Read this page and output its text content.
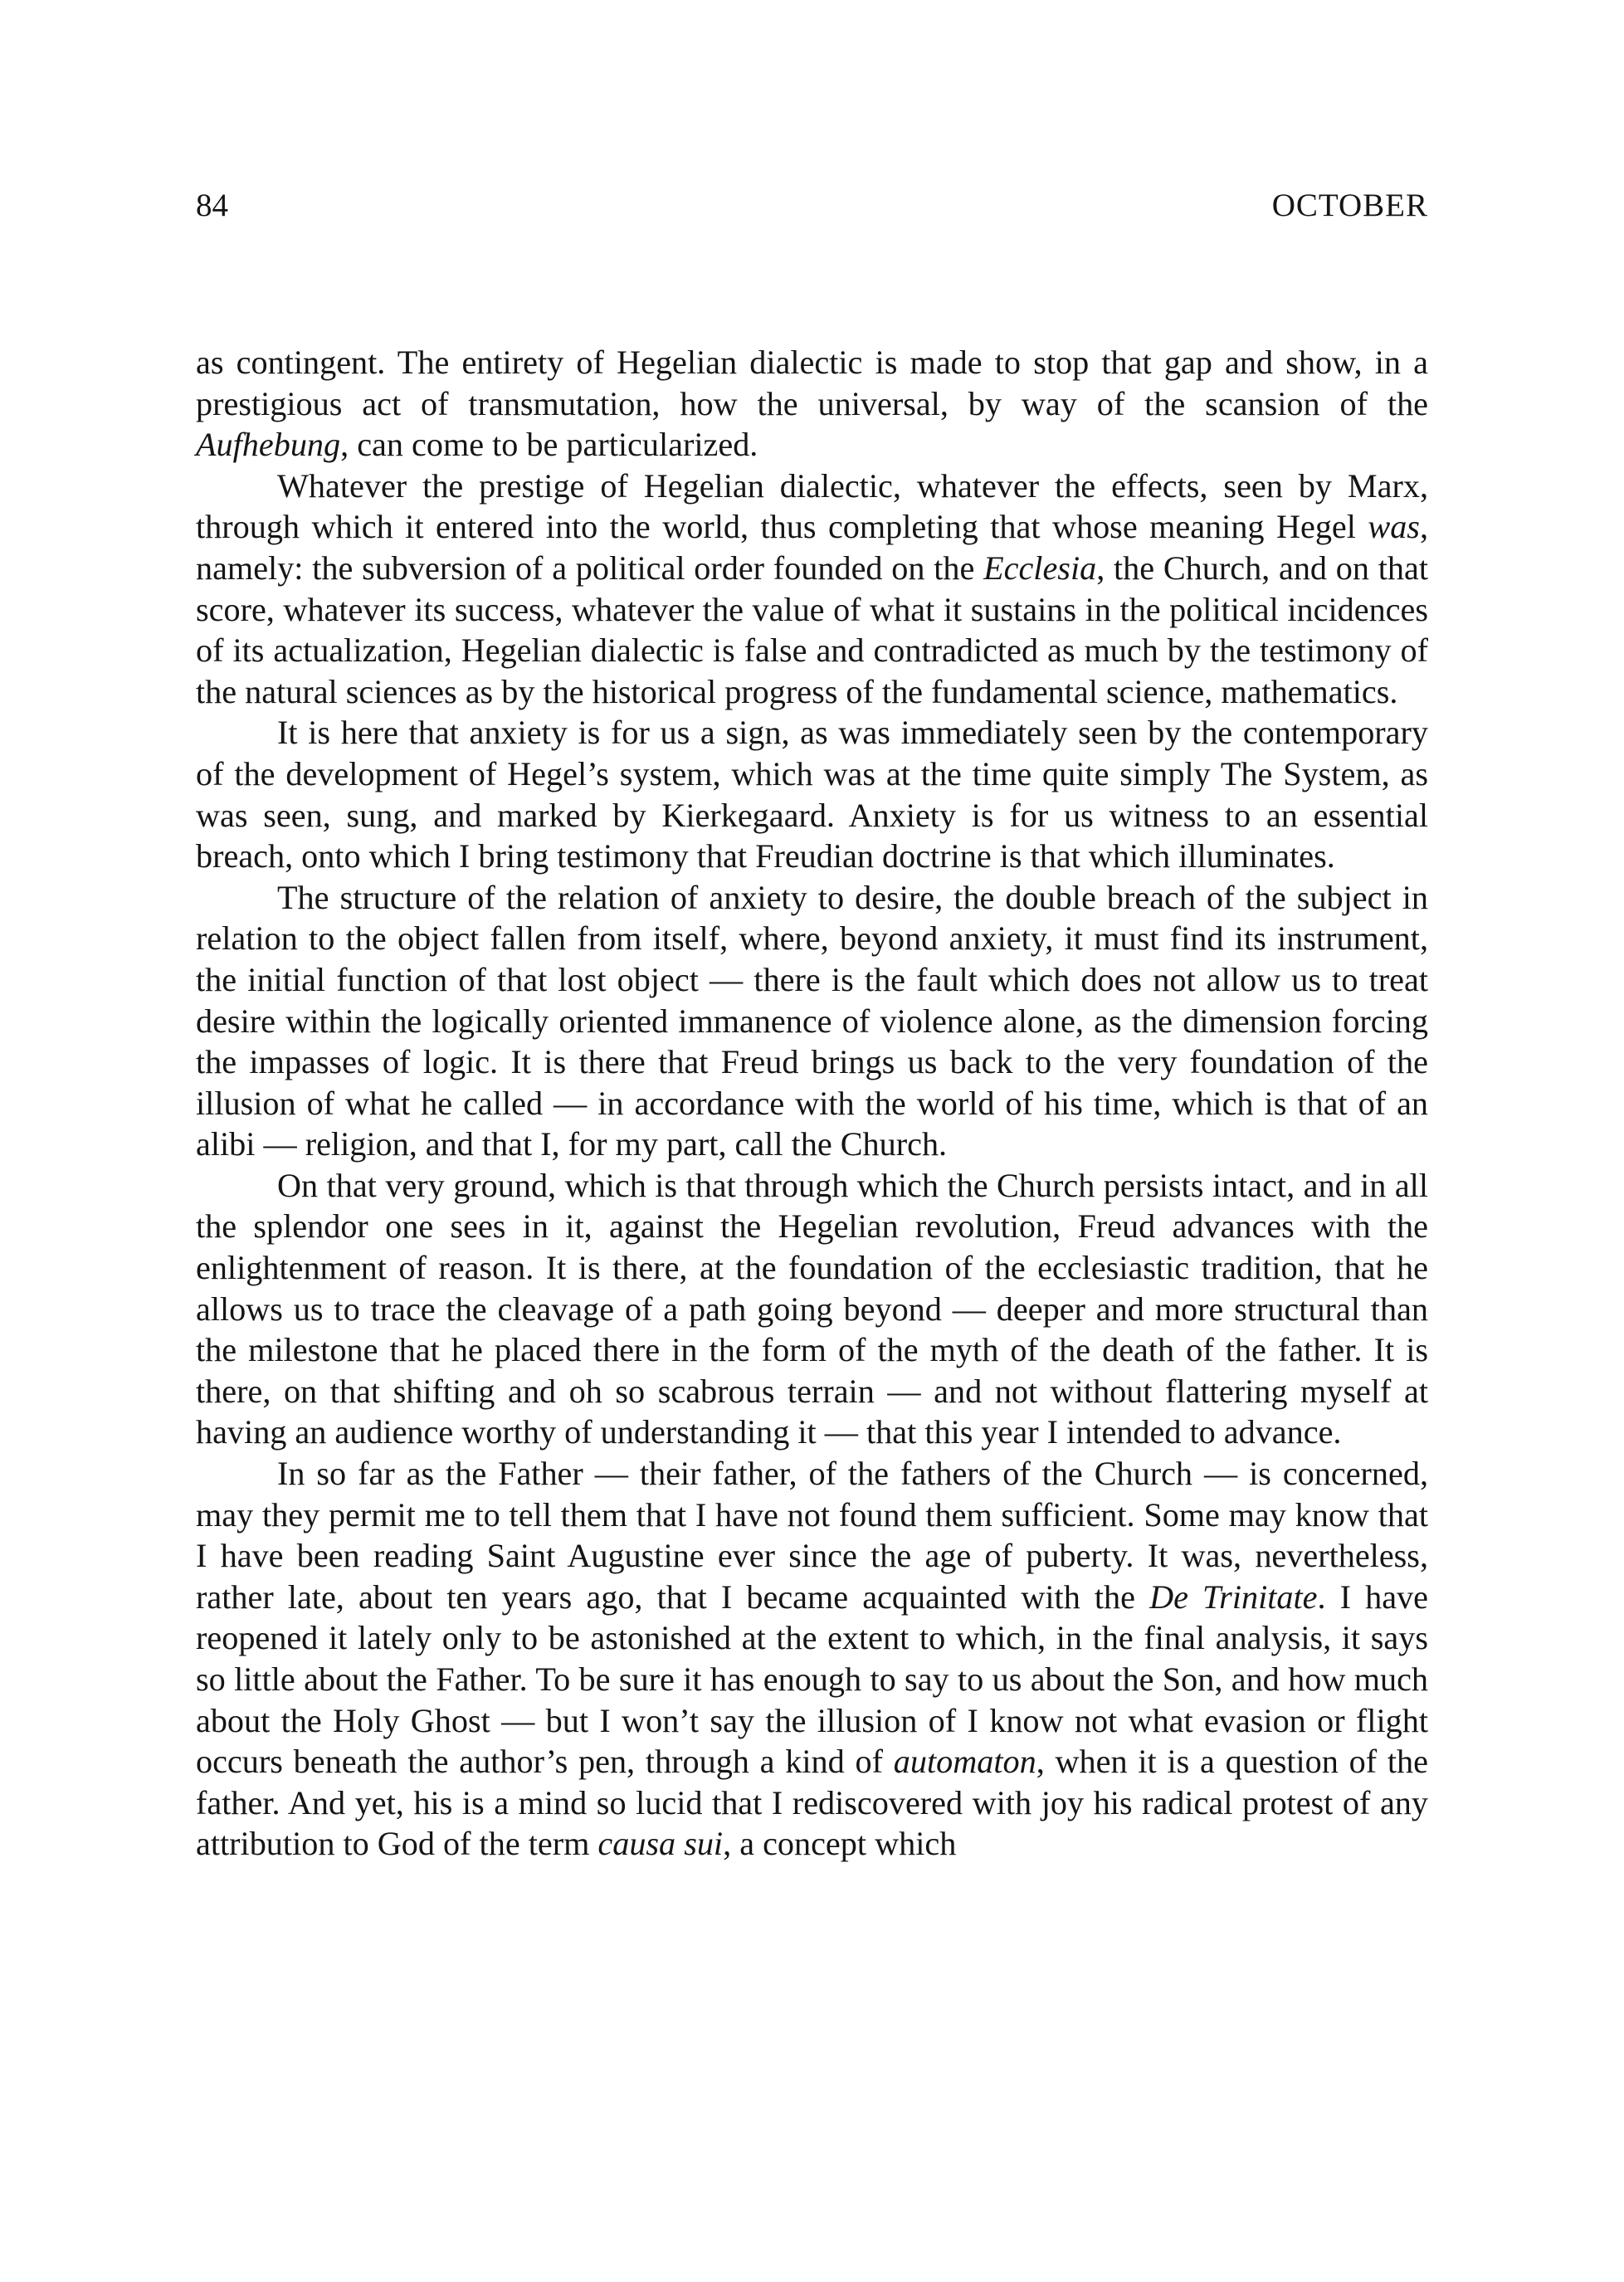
84	OCTOBER

as contingent. The entirety of Hegelian dialectic is made to stop that gap and show, in a prestigious act of transmutation, how the universal, by way of the scansion of the Aufhebung, can come to be particularized.

Whatever the prestige of Hegelian dialectic, whatever the effects, seen by Marx, through which it entered into the world, thus completing that whose meaning Hegel was, namely: the subversion of a political order founded on the Ecclesia, the Church, and on that score, whatever its success, whatever the value of what it sustains in the political incidences of its actualization, Hegelian dialectic is false and contradicted as much by the testimony of the natural sciences as by the historical progress of the fundamental science, mathematics.

It is here that anxiety is for us a sign, as was immediately seen by the contemporary of the development of Hegel’s system, which was at the time quite simply The System, as was seen, sung, and marked by Kierkegaard. Anxiety is for us witness to an essential breach, onto which I bring testimony that Freudian doctrine is that which illuminates.

The structure of the relation of anxiety to desire, the double breach of the subject in relation to the object fallen from itself, where, beyond anxiety, it must find its instrument, the initial function of that lost object — there is the fault which does not allow us to treat desire within the logically oriented immanence of violence alone, as the dimension forcing the impasses of logic. It is there that Freud brings us back to the very foundation of the illusion of what he called — in accordance with the world of his time, which is that of an alibi — religion, and that I, for my part, call the Church.

On that very ground, which is that through which the Church persists intact, and in all the splendor one sees in it, against the Hegelian revolution, Freud advances with the enlightenment of reason. It is there, at the foundation of the ecclesiastic tradition, that he allows us to trace the cleavage of a path going beyond — deeper and more structural than the milestone that he placed there in the form of the myth of the death of the father. It is there, on that shifting and oh so scabrous terrain — and not without flattering myself at having an audience worthy of understanding it — that this year I intended to advance.

In so far as the Father — their father, of the fathers of the Church — is concerned, may they permit me to tell them that I have not found them sufficient. Some may know that I have been reading Saint Augustine ever since the age of puberty. It was, nevertheless, rather late, about ten years ago, that I became acquainted with the De Trinitate. I have reopened it lately only to be astonished at the extent to which, in the final analysis, it says so little about the Father. To be sure it has enough to say to us about the Son, and how much about the Holy Ghost — but I won’t say the illusion of I know not what evasion or flight occurs beneath the author’s pen, through a kind of automaton, when it is a question of the father. And yet, his is a mind so lucid that I rediscovered with joy his radical protest of any attribution to God of the term causa sui, a concept which
